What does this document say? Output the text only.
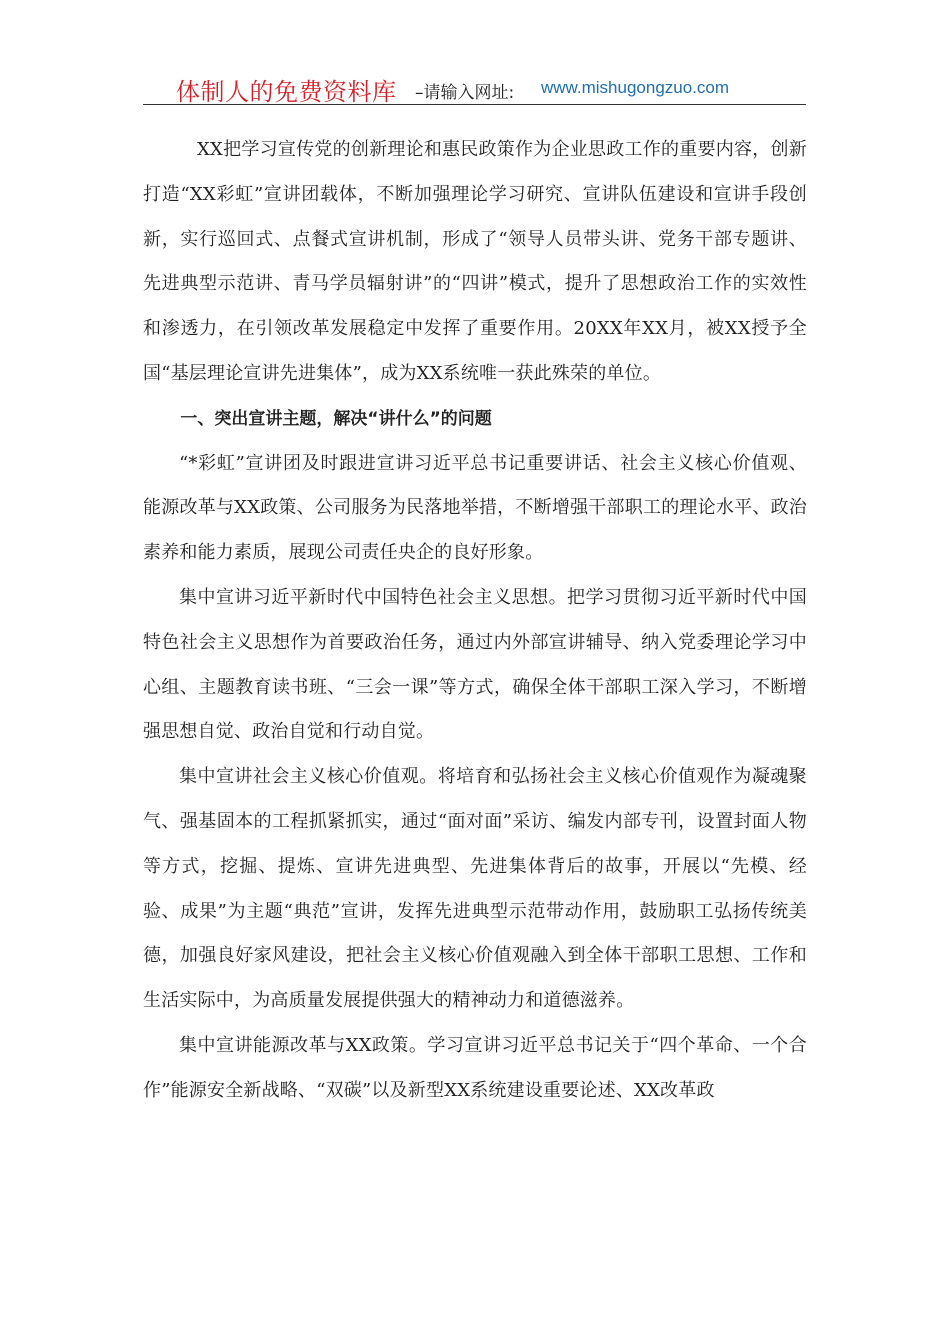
体制人的免费资料库 –请输入网址: www.mishugongzuo.com

XX把学习宣传党的创新理论和惠民政策作为企业思政工作的重要内容，创新打造“XX彩虹”宣讲团载体，不断加强理论学习研究、宣讲队伍建设和宣讲手段创新，实行巡回式、点餐式宣讲机制，形成了“领导人员带头讲、党务干部专题讲、先进典型示范讲、青马学员辐射讲”的“四讲”模式，提升了思想政治工作的实效性和渗透力，在引领改革发展稳定中发挥了重要作用。20XX年XX月，被XX授予全国“基层理论宣讲先进集体”，成为XX系统唯一获此殊荣的单位。

一、突出宣讲主题，解决“讲什么”的问题

“*彩虹”宣讲团及时跟进宣讲习近平总书记重要讲话、社会主义核心价值观、能源改革与XX政策、公司服务为民落地举措，不断增强干部职工的理论水平、政治素养和能力素质，展现公司责任央企的良好形象。

集中宣讲习近平新时代中国特色社会主义思想。把学习贯彻习近平新时代中国特色社会主义思想作为首要政治任务，通过内外部宣讲辅导、纳入党委理论学习中心组、主题教育读书班、“三会一课”等方式，确保全体干部职工深入学习，不断增强思想自觉、政治自觉和行动自觉。

集中宣讲社会主义核心价值观。将培育和弘扬社会主义核心价值观作为凝魂聚气、强基固本的工程抓紧抓实，通过“面对面”采访、编发内部专刊，设置封面人物等方式，挖掘、提炼、宣讲先进典型、先进集体背后的故事，开展以“先模、经验、成果”为主题“典范”宣讲，发挥先进典型示范带动作用，鼓励职工弘扬传统美德，加强良好家风建设，把社会主义核心价值观融入到全体干部职工思想、工作和生活实际中，为高质量发展提供强大的精神动力和道德滋养。

集中宣讲能源改革与XX政策。学习宣讲习近平总书记关于“四个革命、一个合作”能源安全新战略、“双碳”以及新型XX系统建设重要论述、XX改革政
